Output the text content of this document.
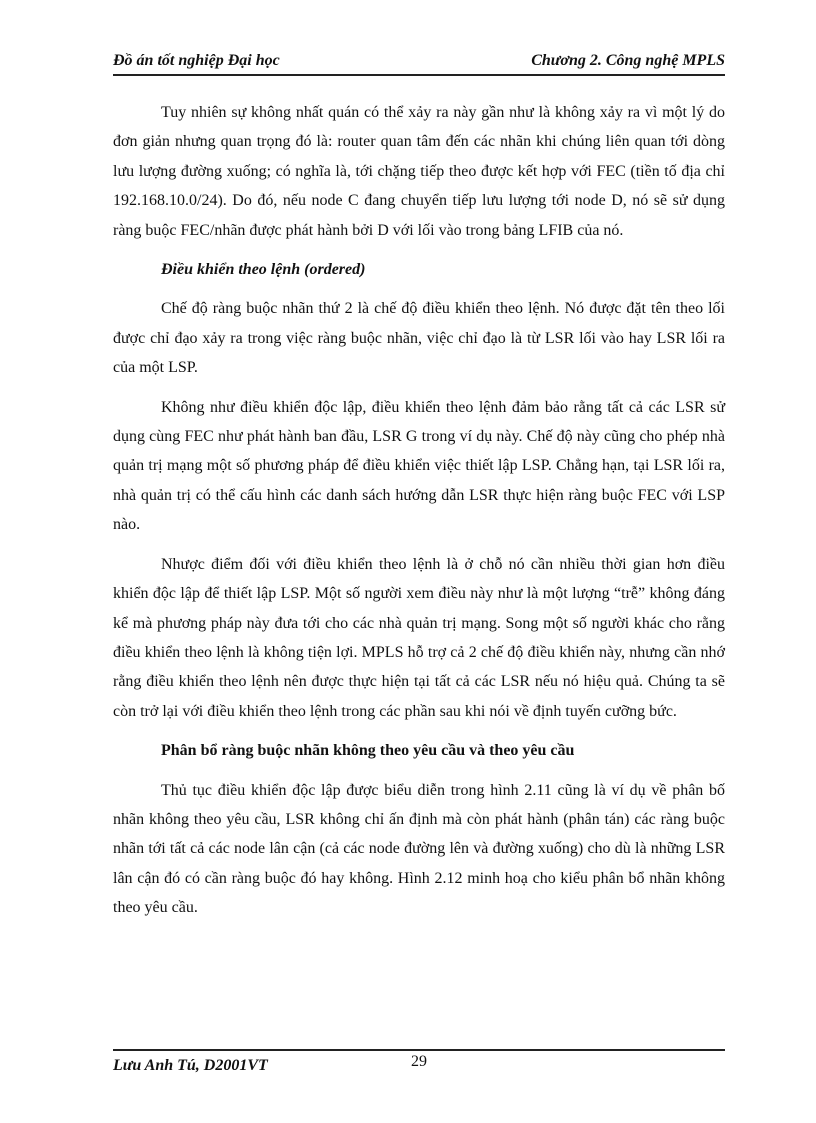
Đồ án tốt nghiệp Đại học	Chương 2. Công nghệ MPLS

Tuy nhiên sự không nhất quán có thể xảy ra này gần như là không xảy ra vì một lý do đơn giản nhưng quan trọng đó là: router quan tâm đến các nhãn khi chúng liên quan tới dòng lưu lượng đường xuống; có nghĩa là, tới chặng tiếp theo được kết hợp với FEC (tiền tố địa chỉ 192.168.10.0/24). Do đó, nếu node C đang chuyển tiếp lưu lượng tới node D, nó sẽ sử dụng ràng buộc FEC/nhãn được phát hành bởi D với lối vào trong bảng LFIB của nó.

Điều khiển theo lệnh (ordered)

Chế độ ràng buộc nhãn thứ 2 là chế độ điều khiển theo lệnh. Nó được đặt tên theo lối được chỉ đạo xảy ra trong việc ràng buộc nhãn, việc chỉ đạo là từ LSR lối vào hay LSR lối ra của một LSP.

Không như điều khiển độc lập, điều khiển theo lệnh đảm bảo rằng tất cả các LSR sử dụng cùng FEC như phát hành ban đầu, LSR G trong ví dụ này. Chế độ này cũng cho phép nhà quản trị mạng một số phương pháp để điều khiển việc thiết lập LSP. Chẳng hạn, tại LSR lối ra, nhà quản trị có thể cấu hình các danh sách hướng dẫn LSR thực hiện ràng buộc FEC với LSP nào.

Nhược điểm đối với điều khiển theo lệnh là ở chỗ nó cần nhiều thời gian hơn điều khiển độc lập để thiết lập LSP. Một số người xem điều này như là một lượng “trễ” không đáng kể mà phương pháp này đưa tới cho các nhà quản trị mạng. Song một số người khác cho rằng điều khiển theo lệnh là không tiện lợi. MPLS hỗ trợ cả 2 chế độ điều khiển này, nhưng cần nhớ rằng điều khiển theo lệnh nên được thực hiện tại tất cả các LSR nếu nó hiệu quả. Chúng ta sẽ còn trở lại với điều khiển theo lệnh trong các phần sau khi nói về định tuyến cưỡng bức.

Phân bổ ràng buộc nhãn không theo yêu cầu và theo yêu cầu

Thủ tục điều khiển độc lập được biểu diễn trong hình 2.11 cũng là ví dụ về phân bố nhãn không theo yêu cầu, LSR không chỉ ấn định mà còn phát hành (phân tán) các ràng buộc nhãn tới tất cả các node lân cận (cả các node đường lên và đường xuống) cho dù là những LSR lân cận đó có cần ràng buộc đó hay không. Hình 2.12 minh hoạ cho kiểu phân bổ nhãn không theo yêu cầu.

Lưu Anh Tú, D2001VT	29
